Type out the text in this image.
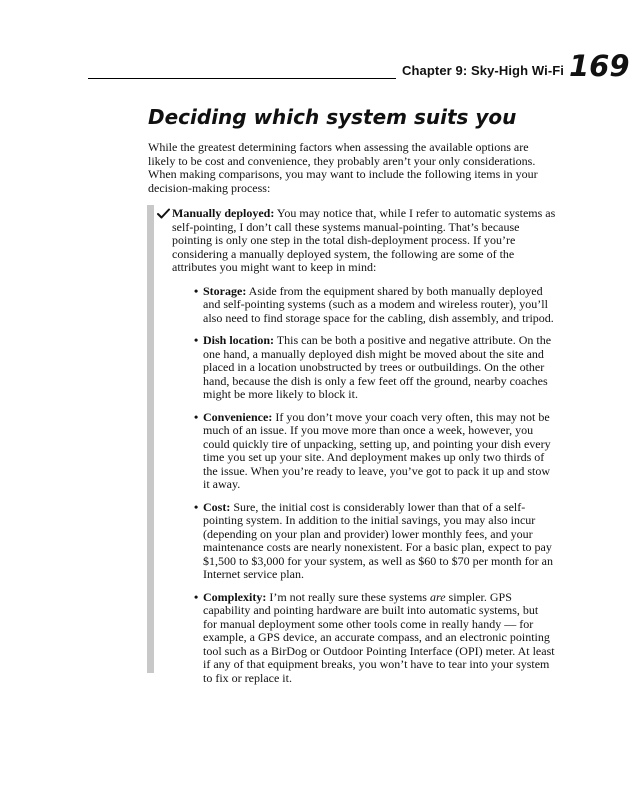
Chapter 9: Sky-High Wi-Fi 169
Deciding which system suits you

While the greatest determining factors when assessing the available options are likely to be cost and convenience, they probably aren’t your only considerations. When making comparisons, you may want to include the following items in your decision-making process:

Manually deployed: You may notice that, while I refer to automatic systems as self-pointing, I don’t call these systems manual-pointing. That’s because pointing is only one step in the total dish-deployment process. If you’re considering a manually deployed system, the following are some of the attributes you might want to keep in mind:

• Storage: Aside from the equipment shared by both manually deployed and self-pointing systems (such as a modem and wireless router), you’ll also need to find storage space for the cabling, dish assembly, and tripod.
• Dish location: This can be both a positive and negative attribute. On the one hand, a manually deployed dish might be moved about the site and placed in a location unobstructed by trees or outbuildings. On the other hand, because the dish is only a few feet off the ground, nearby coaches might be more likely to block it.
• Convenience: If you don’t move your coach very often, this may not be much of an issue. If you move more than once a week, however, you could quickly tire of unpacking, setting up, and pointing your dish every time you set up your site. And deployment makes up only two thirds of the issue. When you’re ready to leave, you’ve got to pack it up and stow it away.
• Cost: Sure, the initial cost is considerably lower than that of a self-pointing system. In addition to the initial savings, you may also incur (depending on your plan and provider) lower monthly fees, and your maintenance costs are nearly nonexistent. For a basic plan, expect to pay $1,500 to $3,000 for your system, as well as $60 to $70 per month for an Internet service plan.
• Complexity: I’m not really sure these systems are simpler. GPS capability and pointing hardware are built into automatic systems, but for manual deployment some other tools come in really handy — for example, a GPS device, an accurate compass, and an electronic pointing tool such as a BirDog or Outdoor Pointing Interface (OPI) meter. At least if any of that equipment breaks, you won’t have to tear into your system to fix or replace it.
